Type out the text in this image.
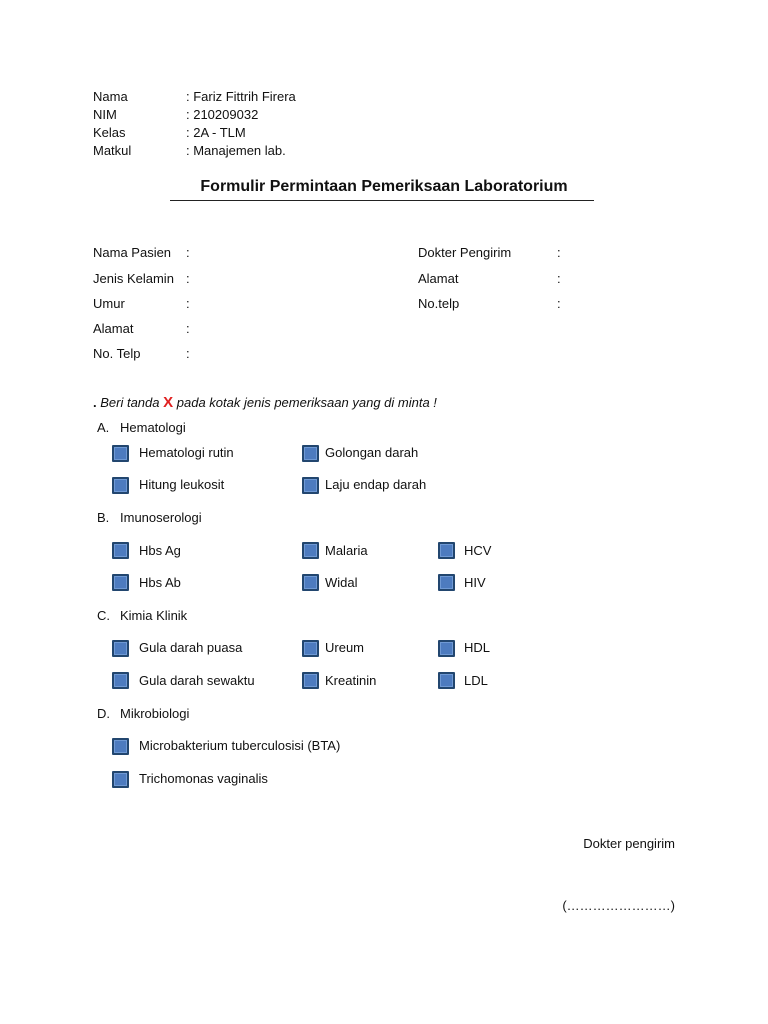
Nama	: Fariz Fittrih Firera
NIM	: 210209032
Kelas	: 2A - TLM
Matkul	: Manajemen lab.
Formulir Permintaan Pemeriksaan Laboratorium
Nama Pasien :
Jenis Kelamin :
Umur	:
Alamat	:
No. Telp	:
Dokter Pengirim	:
Alamat	:
No.telp	:
. Beri tanda X pada kotak jenis pemeriksaan yang di minta !
A. Hematologi
Hematologi rutin	Golongan darah
Hitung leukosit	Laju endap darah
B. Imunoserologi
Hbs Ag	Malaria	HCV
Hbs Ab	Widal	HIV
C. Kimia Klinik
Gula darah puasa	Ureum	HDL
Gula darah sewaktu	Kreatinin	LDL
D. Mikrobiologi
Microbakterium tuberculosisi (BTA)
Trichomonas vaginalis
Dokter pengirim
(……………………)
